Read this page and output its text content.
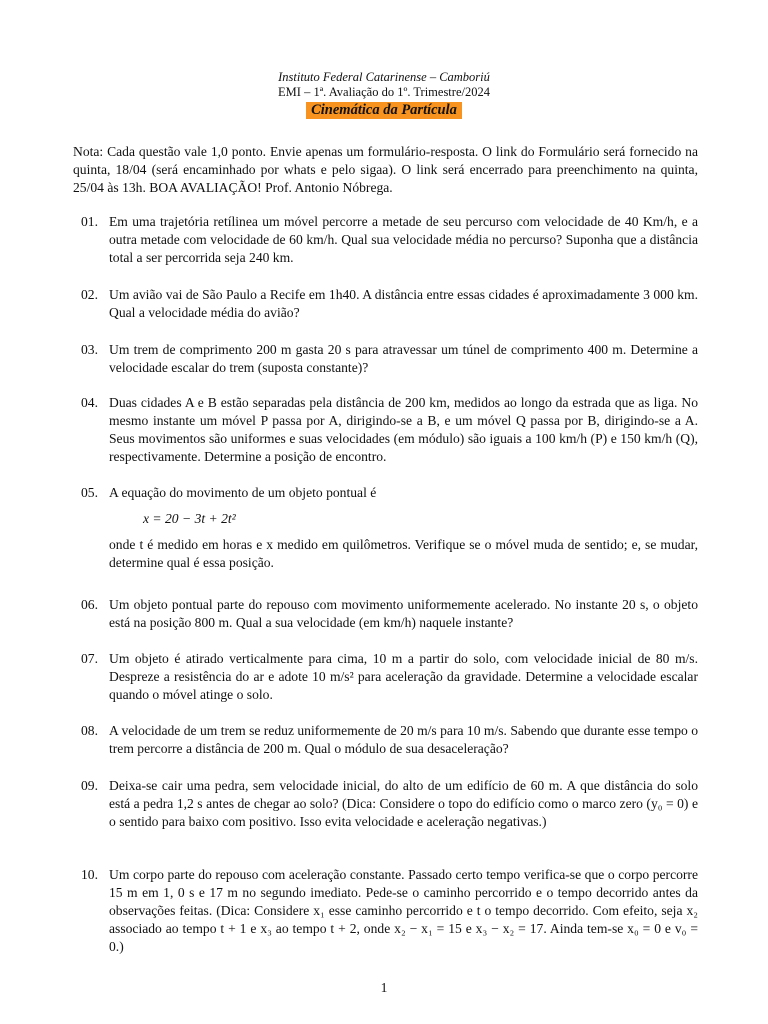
Instituto Federal Catarinense – Camboriú
EMI – 1ª. Avaliação do 1º. Trimestre/2024
Cinemática da Partícula
Nota: Cada questão vale 1,0 ponto. Envie apenas um formulário-resposta. O link do Formulário será fornecido na quinta, 18/04 (será encaminhado por whats e pelo sigaa). O link será encerrado para preenchimento na quinta, 25/04 às 13h. BOA AVALIAÇÃO! Prof. Antonio Nóbrega.
01. Em uma trajetória retílinea um móvel percorre a metade de seu percurso com velocidade de 40 Km/h, e a outra metade com velocidade de 60 km/h. Qual sua velocidade média no percurso? Suponha que a distância total a ser percorrida seja 240 km.
02. Um avião vai de São Paulo a Recife em 1h40. A distância entre essas cidades é aproximadamente 3 000 km. Qual a velocidade média do avião?
03. Um trem de comprimento 200 m gasta 20 s para atravessar um túnel de comprimento 400 m. Determine a velocidade escalar do trem (suposta constante)?
04. Duas cidades A e B estão separadas pela distância de 200 km, medidos ao longo da estrada que as liga. No mesmo instante um móvel P passa por A, dirigindo-se a B, e um móvel Q passa por B, dirigindo-se a A. Seus movimentos são uniformes e suas velocidades (em módulo) são iguais a 100 km/h (P) e 150 km/h (Q), respectivamente. Determine a posição de encontro.
05. A equação do movimento de um objeto pontual é
x = 20 − 3t + 2t²
onde t é medido em horas e x medido em quilômetros. Verifique se o móvel muda de sentido; e, se mudar, determine qual é essa posição.
06. Um objeto pontual parte do repouso com movimento uniformemente acelerado. No instante 20 s, o objeto está na posição 800 m. Qual a sua velocidade (em km/h) naquele instante?
07. Um objeto é atirado verticalmente para cima, 10 m a partir do solo, com velocidade inicial de 80 m/s. Despreze a resistência do ar e adote 10 m/s² para aceleração da gravidade. Determine a velocidade escalar quando o móvel atinge o solo.
08. A velocidade de um trem se reduz uniformemente de 20 m/s para 10 m/s. Sabendo que durante esse tempo o trem percorre a distância de 200 m. Qual o módulo de sua desaceleração?
09. Deixa-se cair uma pedra, sem velocidade inicial, do alto de um edifício de 60 m. A que distância do solo está a pedra 1,2 s antes de chegar ao solo? (Dica: Considere o topo do edifício como o marco zero (y₀ = 0) e o sentido para baixo com positivo. Isso evita velocidade e aceleração negativas.)
10. Um corpo parte do repouso com aceleração constante. Passado certo tempo verifica-se que o corpo percorre 15 m em 1, 0 s e 17 m no segundo imediato. Pede-se o caminho percorrido e o tempo decorrido antes da observações feitas. (Dica: Considere x₁ esse caminho percorrido e t o tempo decorrido. Com efeito, seja x₂ associado ao tempo t + 1 e x₃ ao tempo t + 2, onde x₂ − x₁ = 15 e x₃ − x₂ = 17. Ainda tem-se x₀ = 0 e v₀ = 0.)
1
